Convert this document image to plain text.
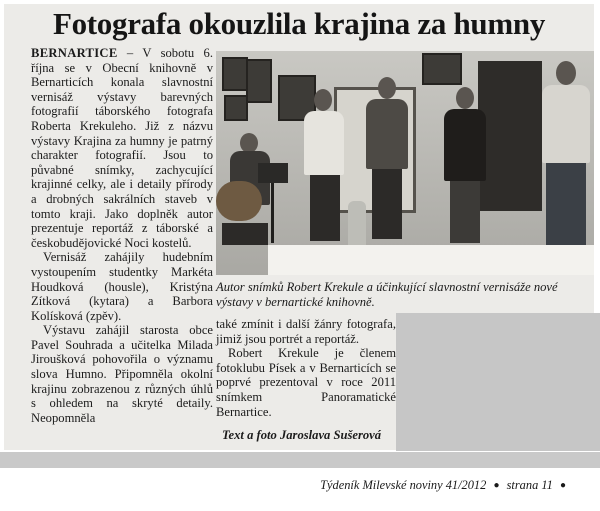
Fotografa okouzlila krajina za humny

BERNARTICE – V sobotu 6. října se v Obecní knihovně v Bernarticích konala slavnostní vernisáž výstavy barevných fotografií táborského fotografa Roberta Krekuleho. Již z názvu výstavy Krajina za humny je patrný charakter fotografií. Jsou to půvabné snímky, zachycující krajinné celky, ale i detaily přírody a drobných sakrálních staveb v tomto kraji. Jako doplněk autor prezentuje reportáž z táborské a českobudějovické Noci kostelů.

Vernisáž zahájily hudebním vystoupením studentky Markéta Houdková (housle), Kristýna Zítková (kytara) a Barbora Kolísková (zpěv).

Výstavu zahájil starosta obce Pavel Souhrada a učitelka Milada Jiroušková pohovořila o významu slova Humno. Připomněla okolní krajinu zobrazenou z různých úhlů s ohledem na skryté detaily. Neopomněla

Autor snímků Robert Krekule a účinkující slavnostní vernisáže nové výstavy v bernartické knihovně.

také zmínit i další žánry fotografa, jimiž jsou portrét a reportáž.

Robert Krekule je členem fotoklubu Písek a v Bernarticích se poprvé prezentoval v roce 2011 snímkem Panoramatické Bernartice.

Text a foto Jaroslava Sušerová
Týdeník Milevské noviny 41/2012 ● strana 11 ●
